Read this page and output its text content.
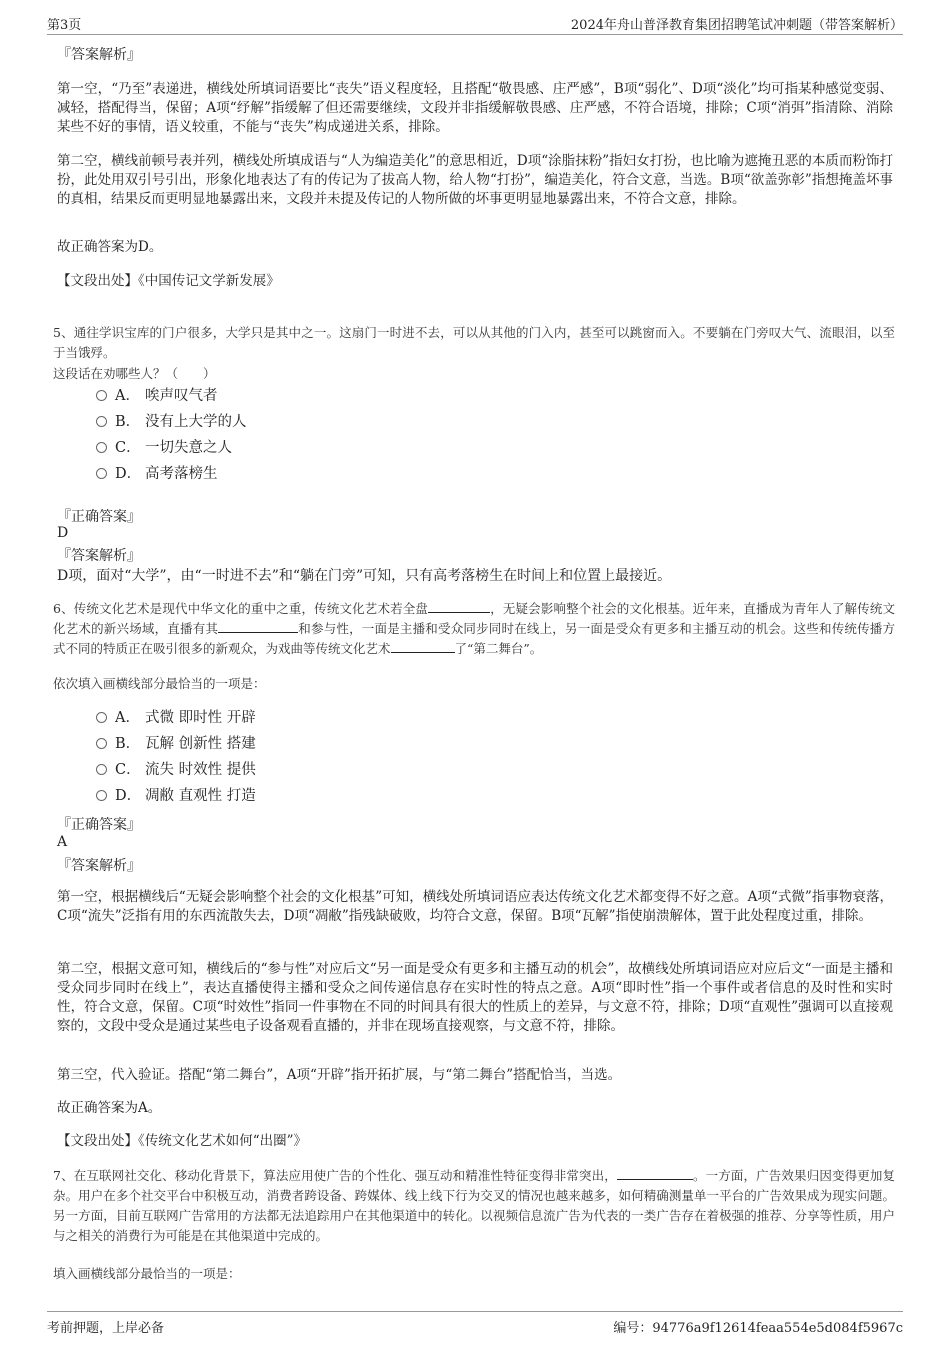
第3页	2024年舟山普泽教育集团招聘笔试冲刺题（带答案解析）
『答案解析』
第一空，“乃至”表递进，横线处所填词语要比“丧失”语义程度轻，且搭配“敬畏感、庄严感”，B项“弱化”、D项“淡化”均可指某种感觉变弱、减轻，搭配得当，保留；A项“纾解”指缓解了但还需要继续，文段并非指缓解敬畏感、庄严感，不符合语境，排除；C项“消弭”指清除、消除某些不好的事情，语义较重，不能与“丧失”构成递进关系，排除。
第二空，横线前顿号表并列，横线处所填成语与“人为编造美化”的意思相近，D项“涂脂抹粉”指妇女打扮，也比喻为遮掩丑恶的本质而粉饰打扮，此处用双引号引出，形象化地表达了有的传记为了拔高人物，给人物“打扮”，编造美化，符合文意，当选。B项“欲盖弥彰”指想掩盖坏事的真相，结果反而更明显地暴露出来，文段并未提及传记的人物所做的坏事更明显地暴露出来，不符合文意，排除。
故正确答案为D。
【文段出处】《中国传记文学新发展》
5、通往学识宝库的门户很多，大学只是其中之一。这扇门一时进不去，可以从其他的门入内，甚至可以跳窗而入。不要躺在门旁叹大气、流眼泪，以至于当饿殍。
这段话在劝哪些人？（　　）
A． 唉声叹气者
B． 没有上大学的人
C． 一切失意之人
D． 高考落榜生
『正确答案』
D
『答案解析』
D项，面对“大学”，由“一时进不去”和“躺在门旁”可知，只有高考落榜生在时间上和位置上最接近。
6、传统文化艺术是现代中华文化的重中之重，传统文化艺术若全盘	，无疑会影响整个社会的文化根基。近年来，直播成为青年人了解传统文化艺术的新兴场域，直播有其	和参与性，一面是主播和受众同步同时在线上，另一面是受众有更多和主播互动的机会。这些和传统传播方式不同的特质正在吸引很多的新观众，为戏曲等传统文化艺术	了“第二舞台”。
依次填入画横线部分最恰当的一项是：
A． 式微 即时性 开辟
B． 瓦解 创新性 搭建
C． 流失 时效性 提供
D． 凋敝 直观性 打造
『正确答案』
A
『答案解析』
第一空，根据横线后“无疑会影响整个社会的文化根基”可知，横线处所填词语应表达传统文化艺术都变得不好之意。A项“式微”指事物衰落，C项“流失”泛指有用的东西流散失去，D项“凋敝”指残缺破败，均符合文意，保留。B项“瓦解”指使崩溃解体，置于此处程度过重，排除。
第二空，根据文意可知，横线后的“参与性”对应后文“另一面是受众有更多和主播互动的机会”，故横线处所填词语应对应后文“一面是主播和受众同步同时在线上”，表达直播使得主播和受众之间传递信息存在实时性的特点之意。A项“即时性”指一个事件或者信息的及时性和实时性，符合文意，保留。C项“时效性”指同一件事物在不同的时间具有很大的性质上的差异，与文意不符，排除；D项“直观性”强调可以直接观察的，文段中受众是通过某些电子设备观看直播的，并非在现场直接观察，与文意不符，排除。
第三空，代入验证。搭配“第二舞台”，A项“开辟”指开拓扩展，与“第二舞台”搭配恰当，当选。
故正确答案为A。
【文段出处】《传统文化艺术如何“出圈”》
7、在互联网社交化、移动化背景下，算法应用使广告的个性化、强互动和精准性特征变得非常突出，	。一方面，广告效果归因变得更加复杂。用户在多个社交平台中积极互动，消费者跨设备、跨媒体、线上线下行为交叉的情况也越来越多，如何精确测量单一平台的广告效果成为现实问题。另一方面，目前互联网广告常用的方法都无法追踪用户在其他渠道中的转化。以视频信息流广告为代表的一类广告存在着极强的推荐、分享等性质，用户与之相关的消费行为可能是在其他渠道中完成的。
填入画横线部分最恰当的一项是：
考前押题，上岸必备	编号：94776a9f12614feaa554e5d084f5967c
